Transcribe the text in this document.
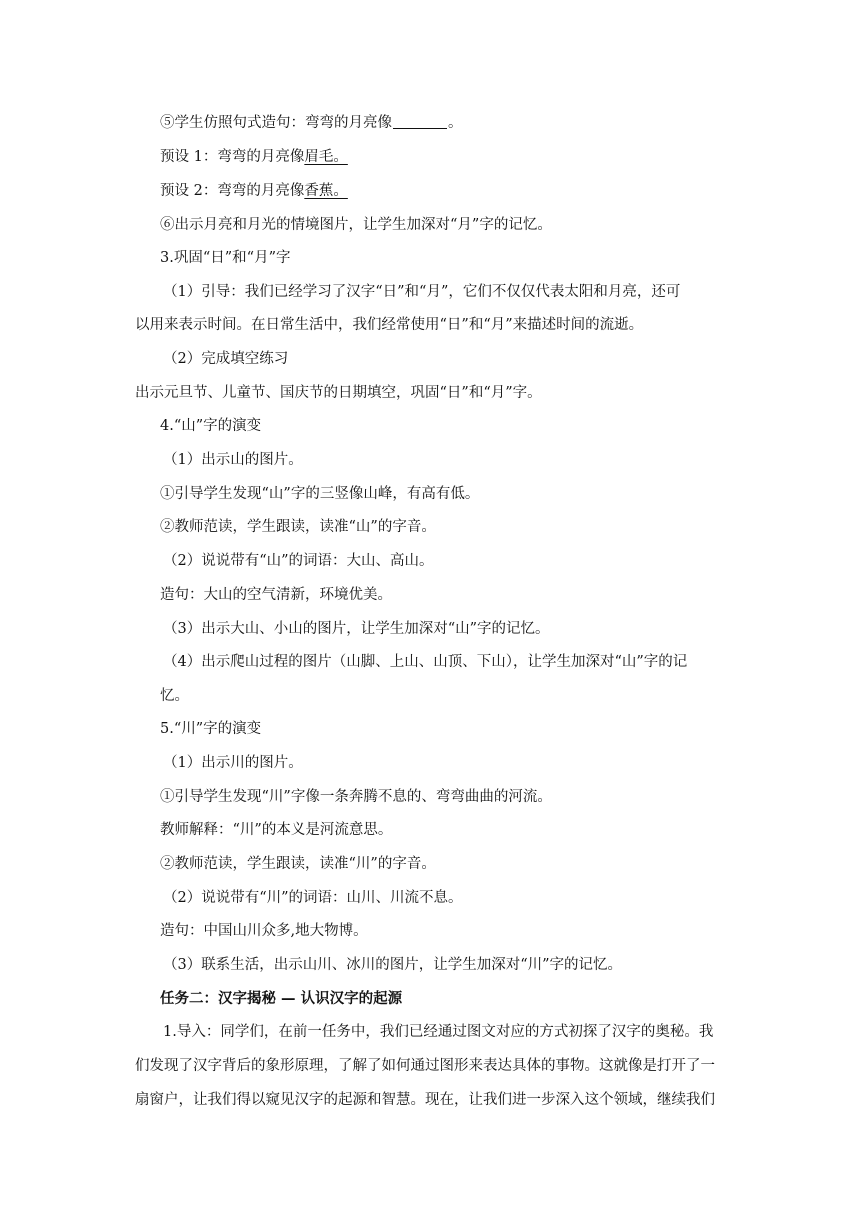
⑤学生仿照句式造句：弯弯的月亮像	。
预设 1：弯弯的月亮像眉毛。
预设 2：弯弯的月亮像香蕉。
⑥出示月亮和月光的情境图片，让学生加深对“月”字的记忆。
3.巩固“日”和“月”字
（1）引导：我们已经学习了汉字“日”和“月”，它们不仅仅代表太阳和月亮，还可
以用来表示时间。在日常生活中，我们经常使用“日”和“月”来描述时间的流逝。
（2）完成填空练习
出示元旦节、儿童节、国庆节的日期填空，巩固“日”和“月”字。
4.“山”字的演变
（1）出示山的图片。
①引导学生发现“山”字的三竖像山峰，有高有低。
②教师范读，学生跟读，读准“山”的字音。
（2）说说带有“山”的词语：大山、高山。
造句：大山的空气清新，环境优美。
（3）出示大山、小山的图片，让学生加深对“山”字的记忆。
（4）出示爬山过程的图片（山脚、上山、山顶、下山），让学生加深对“山”字的记
忆。
5.“川”字的演变
（1）出示川的图片。
①引导学生发现“川”字像一条奔腾不息的、弯弯曲曲的河流。
教师解释：“川”的本义是河流意思。
②教师范读，学生跟读，读准“川”的字音。
（2）说说带有“川”的词语：山川、川流不息。
造句：中国山川众多,地大物博。
（3）联系生活，出示山川、冰川的图片，让学生加深对“川”字的记忆。
任务二：汉字揭秘 — 认识汉字的起源
1.导入：同学们，在前一任务中，我们已经通过图文对应的方式初探了汉字的奥秘。我
们发现了汉字背后的象形原理，了解了如何通过图形来表达具体的事物。这就像是打开了一
扇窗户，让我们得以窥见汉字的起源和智慧。现在，让我们进一步深入这个领域，继续我们
